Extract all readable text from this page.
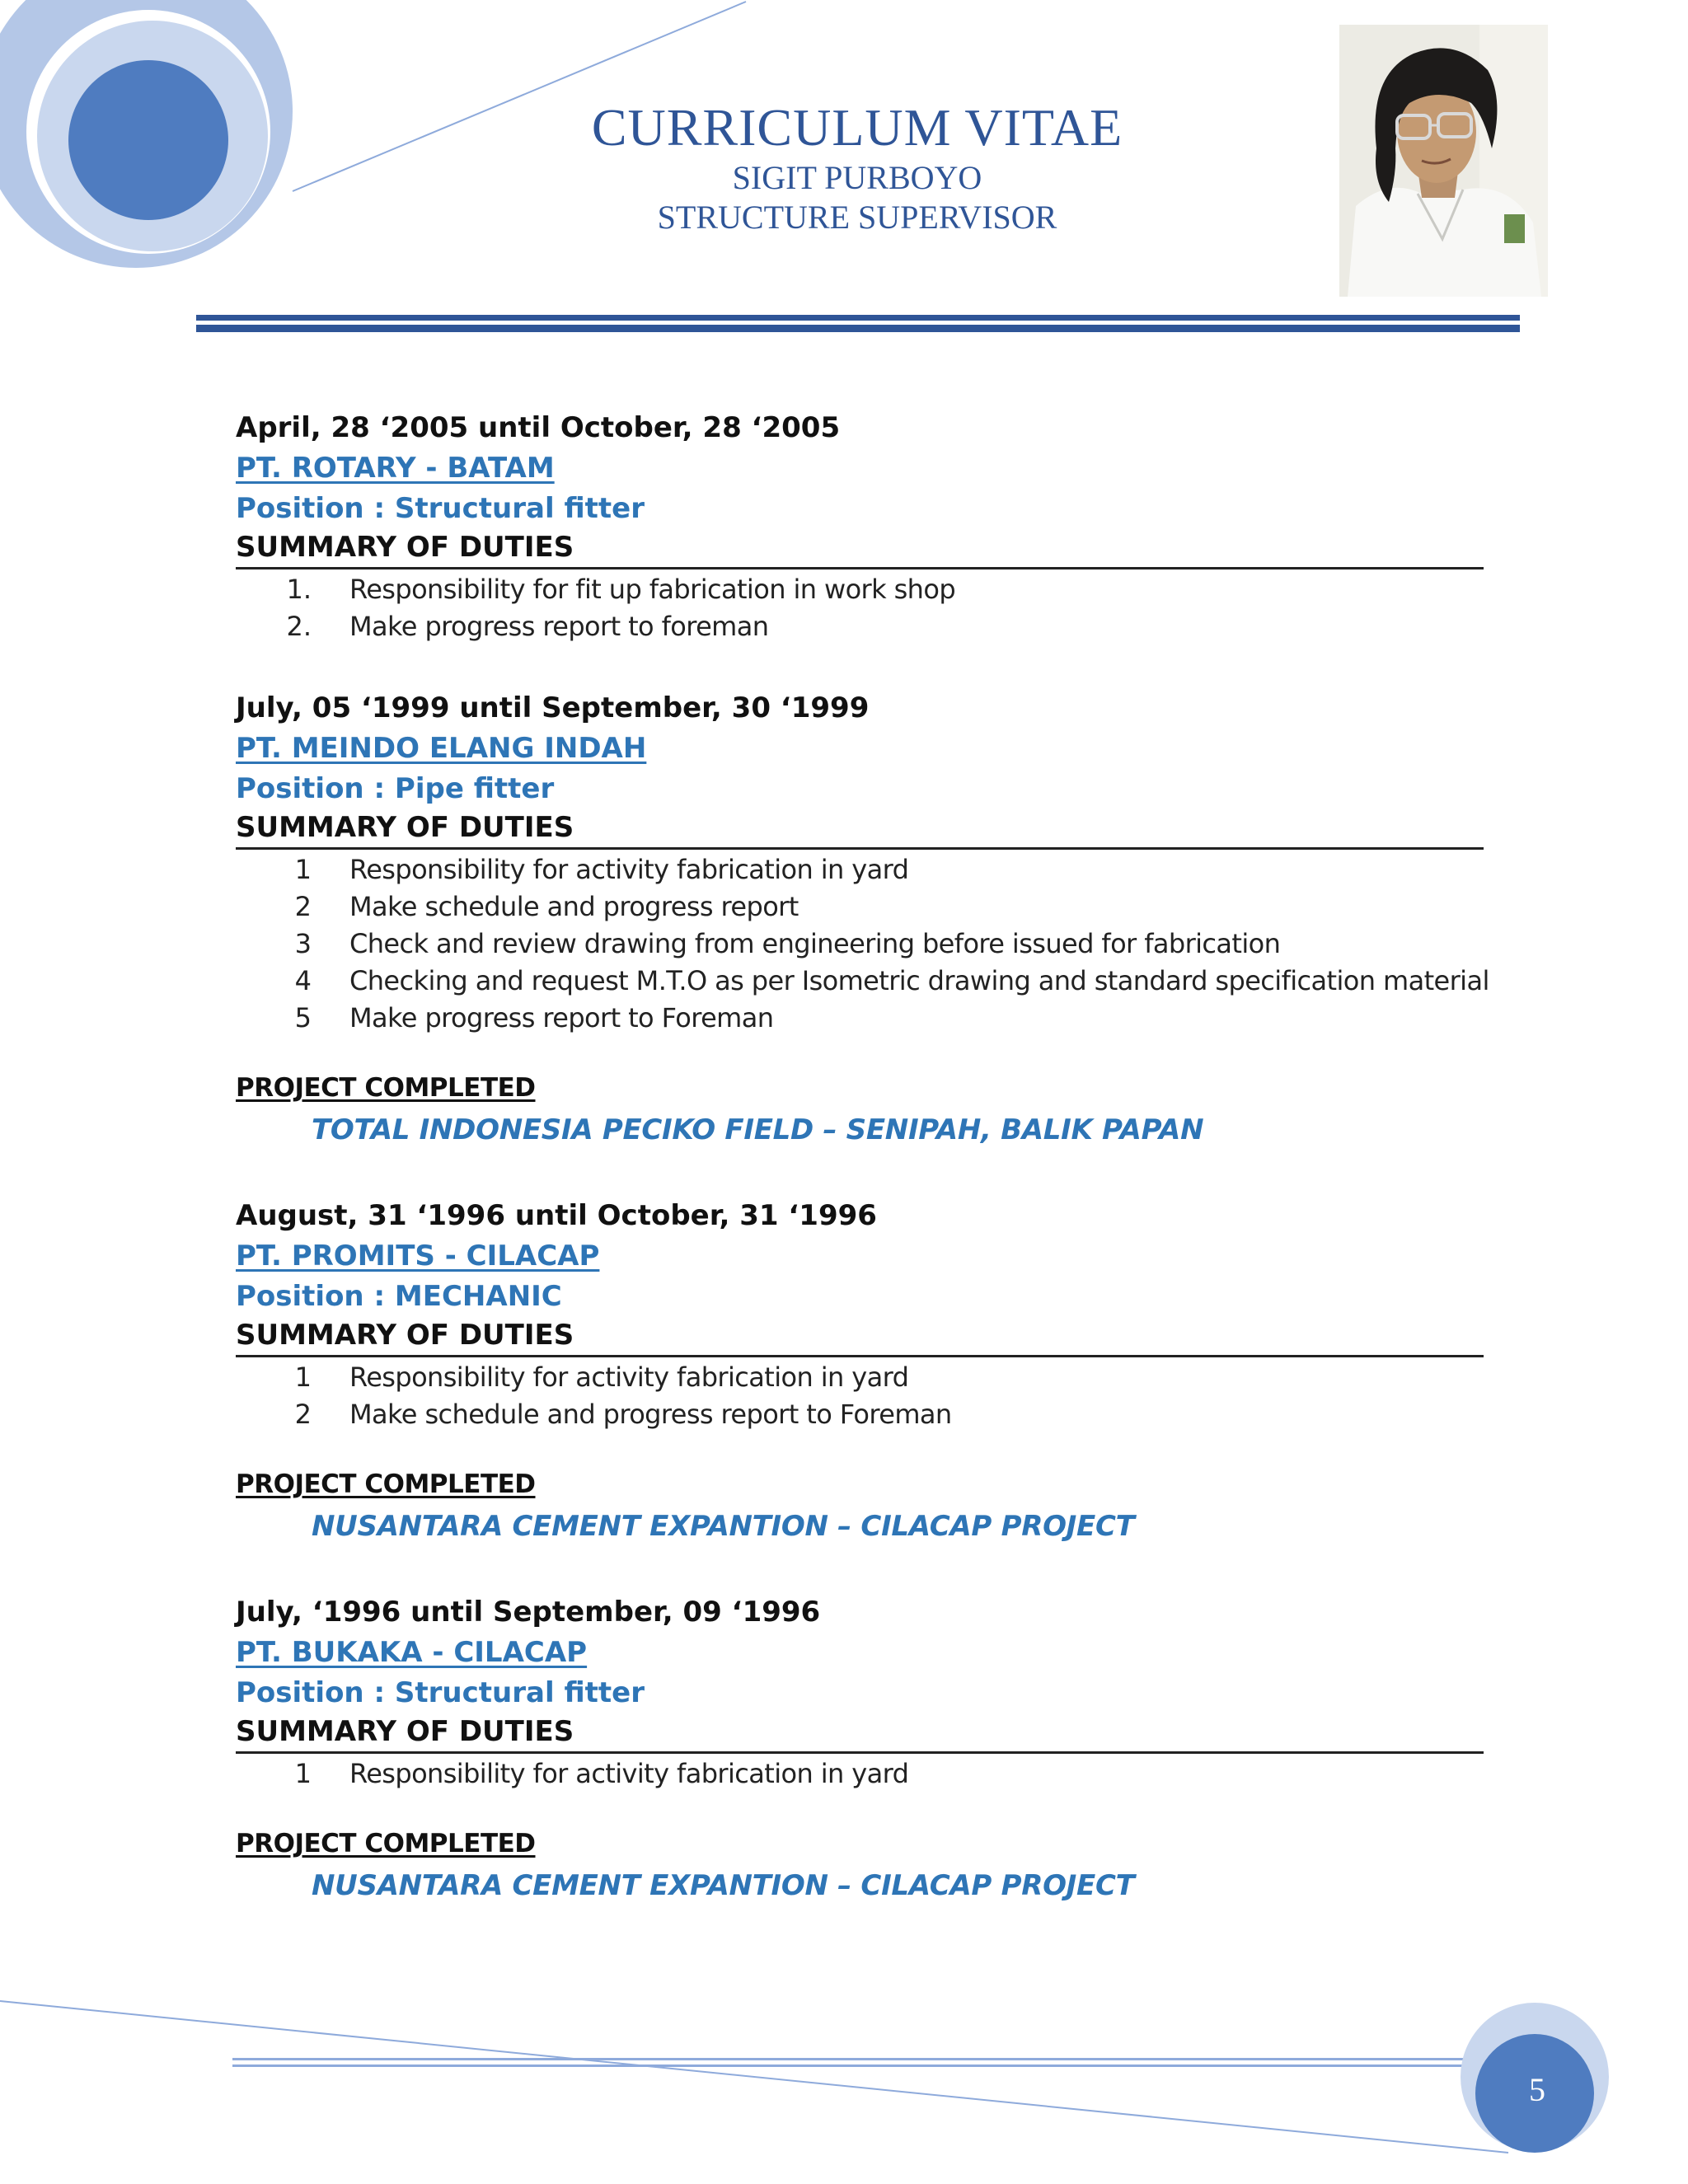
CURRICULUM VITAE
SIGIT PURBOYO
STRUCTURE SUPERVISOR
April, 28 ‘2005 until October, 28 ‘2005
PT. ROTARY - BATAM
Position : Structural fitter
SUMMARY OF DUTIES
1.	Responsibility for fit up fabrication in work shop
2.	Make progress report to foreman
July, 05 ‘1999 until September, 30 ‘1999
PT. MEINDO ELANG INDAH
Position : Pipe fitter
SUMMARY OF DUTIES
1	Responsibility for activity fabrication in yard
2	Make schedule and progress report
3	Check and review drawing from engineering before issued for fabrication
4	Checking and request M.T.O as per Isometric drawing and standard specification material
5	Make progress report to Foreman
PROJECT COMPLETED
TOTAL INDONESIA PECIKO FIELD – SENIPAH, BALIK PAPAN
August, 31 ‘1996 until October, 31 ‘1996
PT. PROMITS - CILACAP
Position : MECHANIC
SUMMARY OF DUTIES
1	Responsibility for activity fabrication in yard
2	Make schedule and progress report to Foreman
PROJECT COMPLETED
NUSANTARA CEMENT EXPANTION – CILACAP PROJECT
July, ‘1996 until September, 09 ‘1996
PT. BUKAKA - CILACAP
Position : Structural fitter
SUMMARY OF DUTIES
1	Responsibility for activity fabrication in yard
PROJECT COMPLETED
NUSANTARA CEMENT EXPANTION – CILACAP PROJECT
5
